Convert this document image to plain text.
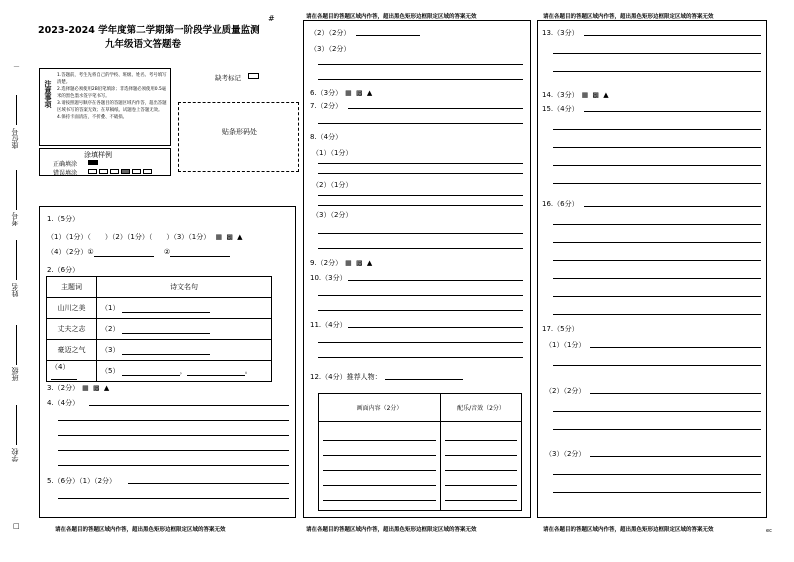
－
座位号
考号
姓名
班级
学校
□
2023-2024 学年度第二学期第一阶段学业质量监测
#
九年级语文答题卷
注意事项
1.答题前，考生先将自己的学校、班级、姓名、考号填写清楚。
2.选择题必须使用2B铅笔填涂；非选择题必须使用0.5毫米的黑色墨水签字笔书写。
3.请按照题号顺序在各题目的答题区域内作答，超出答题区域书写的答案无效；在草稿纸、试题卷上答题无效。
4.保持卡面清洁，不折叠、不破损。
缺考标记
贴条形码处
涂填样例
正确填涂
错误填涂
1.（5分）
（1）（1分）（ ）（2）（1分）（ ）（3）（1分） ▦ ▩ ▲
（4）（2分）①	②
2.（6分）
主题词	诗文名句
山川之美	（1）
丈夫之志	（2）
豪迈之气	（3）
（4）	（5） ， 。
3.（2分） ▦ ▩ ▲
4.（4分）
5.（6分）（1）（2分）
请在各题目的答题区域内作答，超出黑色矩形边框限定区域的答案无效
请在各题目的答题区域内作答，超出黑色矩形边框限定区域的答案无效
（2）（2分）
（3）（2分）
6.（3分） ▦ ▩ ▲
7.（2分）
8.（4分）
（1）（1分）
（2）（1分）
（3）（2分）
9.（2分） ▦ ▩ ▲
10.（3分）
11.（4分）
12.（4分）推荐人物：
画面内容（2分）	配乐/音效（2分）

请在各题目的答题区域内作答，超出黑色矩形边框限定区域的答案无效
请在各题目的答题区域内作答，超出黑色矩形边框限定区域的答案无效
13.（3分）
14.（3分） ▦ ▩ ▲
15.（4分）
16.（6分）
17.（5分）
（1）（1分）
（2）（2分）
（3）（2分）
请在各题目的答题区域内作答，超出黑色矩形边框限定区域的答案无效	ec
